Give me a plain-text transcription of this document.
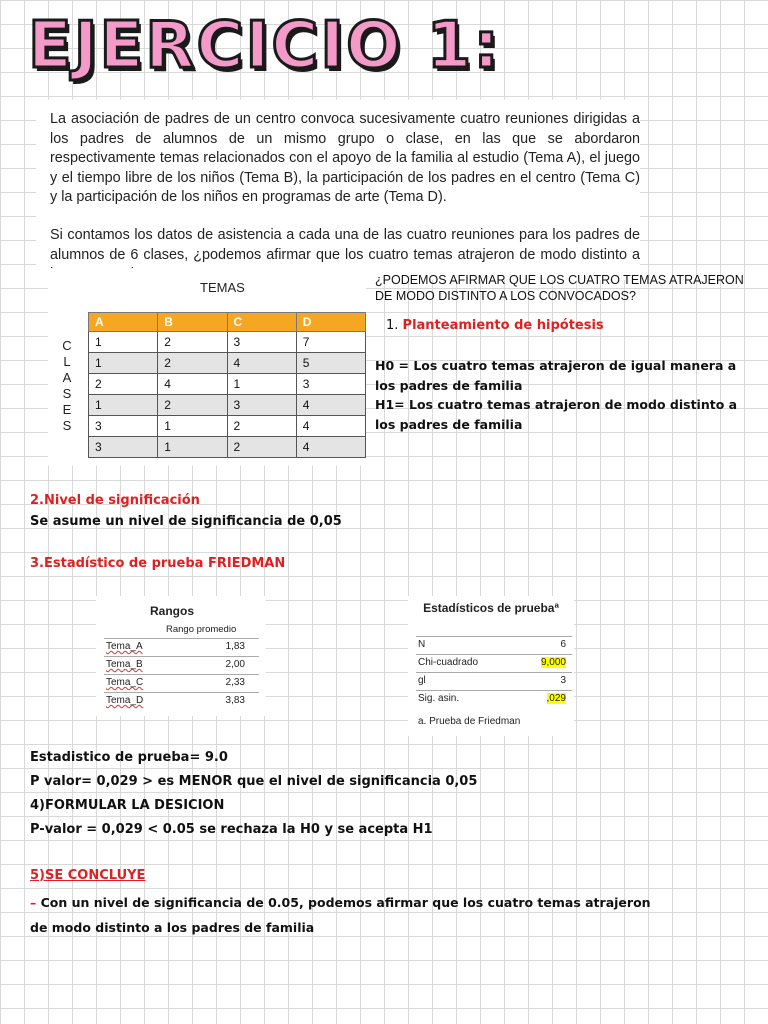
EJERCICIO 1:

La asociación de padres de un centro convoca sucesivamente cuatro reuniones dirigidas a los padres de alumnos de un mismo grupo o clase, en las que se abordaron respectivamente temas relacionados con el apoyo de la familia al estudio (Tema A), el juego y el tiempo libre de los niños (Tema B), la participación de los padres en el centro (Tema C) y la participación de los niños en programas de arte (Tema D).

Si contamos los datos de asistencia a cada una de las cuatro reuniones para los padres de alumnos de 6 clases, ¿podemos afirmar que los cuatro temas atrajeron de modo distinto a

TEMAS
C
L
A
S
E
S
A	B	C	D
1	2	3	7
1	2	4	5
2	4	1	3
1	2	3	4
3	1	2	4
3	1	2	4
¿PODEMOS AFIRMAR QUE LOS CUATRO TEMAS ATRAJERON DE MODO DISTINTO A LOS CONVOCADOS?
1. Planteamiento de hipótesis

H0 = Los cuatro temas atrajeron de igual manera a los padres de familia

H1= Los cuatro temas atrajeron de modo distinto a los padres de familia

2.Nivel de significación
Se asume un nivel de significancia de 0,05
3.Estadístico de prueba FRIEDMAN
Rangos
Rango promedio
Tema_A	1,83
Tema_B	2,00
Tema_C	2,33
Tema_D	3,83
Estadísticos de pruebaª
N	6
Chi-cuadrado	9,000
gl	3
Sig. asin.	,029
a. Prueba de Friedman

Estadistico de prueba= 9.0

P valor= 0,029 > es MENOR que el nivel de significancia 0,05

4)FORMULAR LA DESICION

P-valor = 0,029 < 0.05 se rechaza la H0 y se acepta H1

5)SE CONCLUYE
– Con un nivel de significancia de 0.05, podemos afirmar que los cuatro temas atrajeron de modo distinto a los padres de familia
